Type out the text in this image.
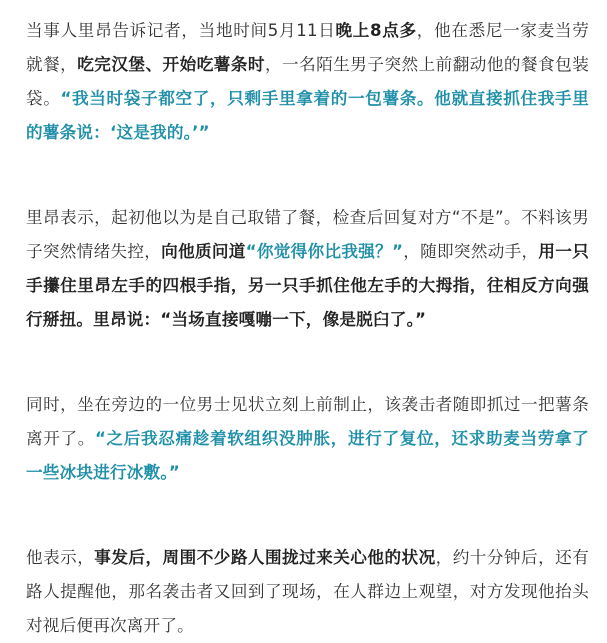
当事人里昂告诉记者，当地时间5月11日晚上8点多，他在悉尼一家麦当劳就餐，吃完汉堡、开始吃薯条时，一名陌生男子突然上前翻动他的餐食包装袋。“我当时袋子都空了，只剩手里拿着的一包薯条。他就直接抓住我手里的薯条说：‘这是我的。’”

里昂表示，起初他以为是自己取错了餐，检查后回复对方“不是”。不料该男子突然情绪失控，向他质问道“你觉得你比我强？”，随即突然动手，用一只手攥住里昂左手的四根手指，另一只手抓住他左手的大拇指，往相反方向强行掰扭。里昂说：“当场直接嘎嘣一下，像是脱臼了。”

同时，坐在旁边的一位男士见状立刻上前制止，该袭击者随即抓过一把薯条离开了。“之后我忍痛趁着软组织没肿胀，进行了复位，还求助麦当劳拿了一些冰块进行冰敷。”

他表示，事发后，周围不少路人围拢过来关心他的状况，约十分钟后，还有路人提醒他，那名袭击者又回到了现场，在人群边上观望，对方发现他抬头对视后便再次离开了。
